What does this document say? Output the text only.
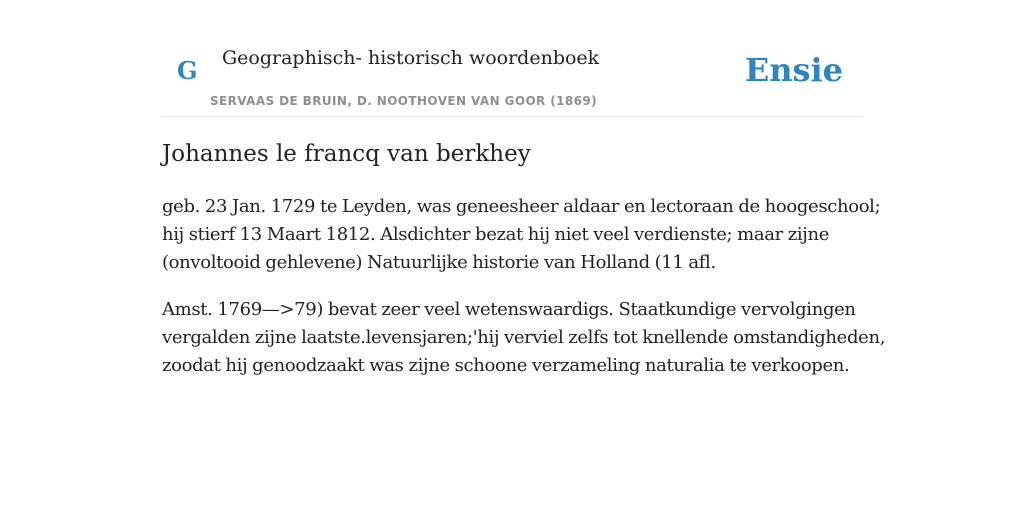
G Geographisch- historisch woordenboek
SERVAAS DE BRUIN, D. NOOTHOVEN VAN GOOR (1869)
Ensie
Johannes le francq van berkhey

geb. 23 Jan. 1729 te Leyden, was geneesheer aldaar en lectoraan de hoogeschool;
hij stierf 13 Maart 1812. Alsdichter bezat hij niet veel verdienste; maar zijne
(onvoltooid gehlevene) Natuurlijke historie van Holland (11 afl.

Amst. 1769—>79) bevat zeer veel wetenswaardigs. Staatkundige vervolgingen
vergalden zijne laatste.levensjaren;'hij verviel zelfs tot knellende omstandigheden,
zoodat hij genoodzaakt was zijne schoone verzameling naturalia te verkoopen.
